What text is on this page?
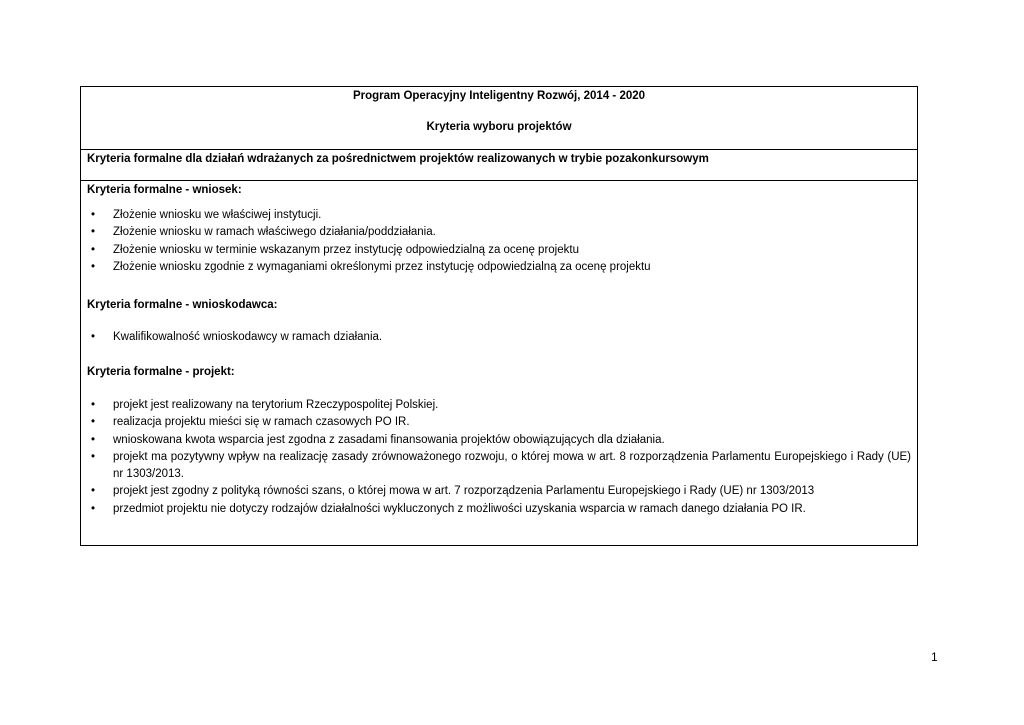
Program Operacyjny Inteligentny Rozwój, 2014 - 2020
Kryteria wyboru projektów
Kryteria formalne dla działań wdrażanych za pośrednictwem projektów realizowanych w trybie pozakonkursowym
Kryteria formalne - wniosek:
• Złożenie wniosku we właściwej instytucji.
• Złożenie wniosku w ramach właściwego działania/poddziałania.
• Złożenie wniosku w terminie wskazanym przez instytucję odpowiedzialną za ocenę projektu
• Złożenie wniosku zgodnie z wymaganiami określonymi przez instytucję odpowiedzialną za ocenę projektu
Kryteria formalne - wnioskodawca:
• Kwalifikowalność wnioskodawcy w ramach działania.
Kryteria formalne - projekt:
• projekt jest realizowany na terytorium Rzeczypospolitej Polskiej.
• realizacja projektu mieści się w ramach czasowych PO IR.
• wnioskowana kwota wsparcia jest zgodna z zasadami finansowania projektów obowiązujących dla działania.
• projekt ma pozytywny wpływ na realizację zasady zrównoważonego rozwoju, o której mowa w art. 8 rozporządzenia Parlamentu Europejskiego i Rady (UE) nr 1303/2013.
• projekt jest zgodny z polityką równości szans, o której mowa w art. 7 rozporządzenia Parlamentu Europejskiego i Rady (UE) nr 1303/2013
• przedmiot projektu nie dotyczy rodzajów działalności wykluczonych z możliwości uzyskania wsparcia w ramach danego działania PO IR.
1
